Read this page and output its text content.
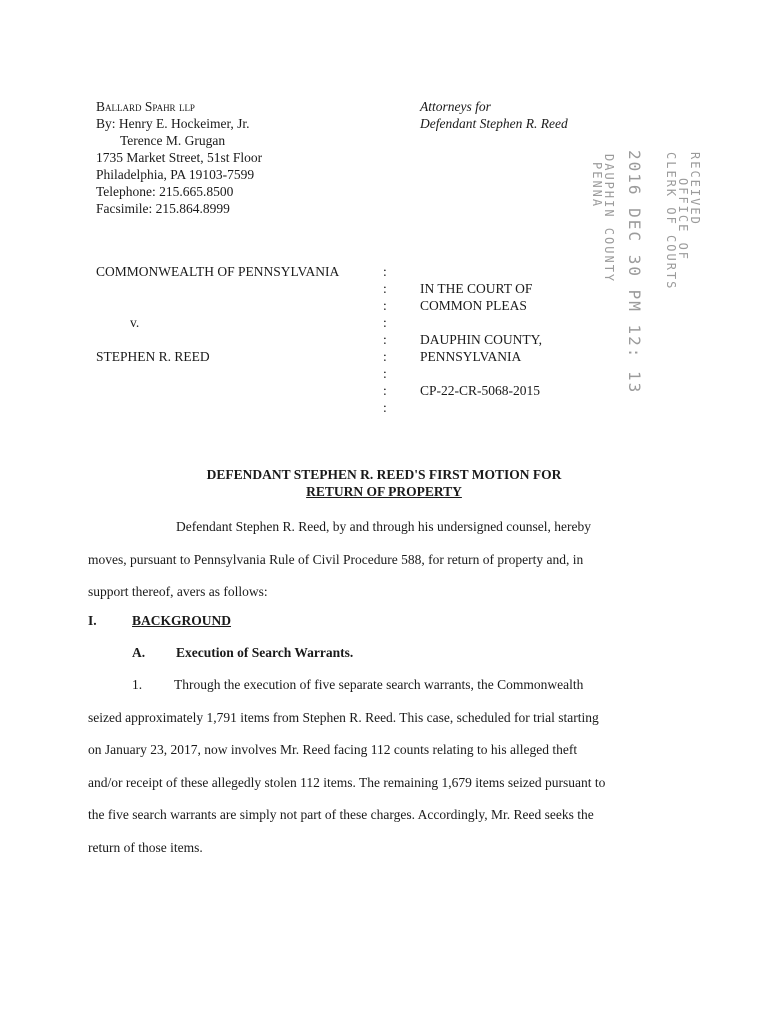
Ballard Spahr llp
By: Henry E. Hockeimer, Jr.
Terence M. Grugan
1735 Market Street, 51st Floor
Philadelphia, PA 19103-7599
Telephone: 215.665.8500
Facsimile: 215.864.8999
Attorneys for
Defendant Stephen R. Reed
2016 DEC 30 PM 12: 13	RECEIVED
OFFICE OF
CLERK OF COURTS
DAUPHIN COUNTY
PENNA
COMMONWEALTH OF PENNSYLVANIA
v.
STEPHEN R. REED
:
:
:
:
:
:
:
:
:
IN THE COURT OF
COMMON PLEAS
DAUPHIN COUNTY,
PENNSYLVANIA
CP-22-CR-5068-2015
DEFENDANT STEPHEN R. REED'S FIRST MOTION FOR
RETURN OF PROPERTY
Defendant Stephen R. Reed, by and through his undersigned counsel, hereby
moves, pursuant to Pennsylvania Rule of Civil Procedure 588, for return of property and, in
support thereof, avers as follows:
I.	BACKGROUND
A. Execution of Search Warrants.
1. Through the execution of five separate search warrants, the Commonwealth
seized approximately 1,791 items from Stephen R. Reed. This case, scheduled for trial starting
on January 23, 2017, now involves Mr. Reed facing 112 counts relating to his alleged theft
and/or receipt of these allegedly stolen 112 items. The remaining 1,679 items seized pursuant to
the five search warrants are simply not part of these charges. Accordingly, Mr. Reed seeks the
return of those items.
